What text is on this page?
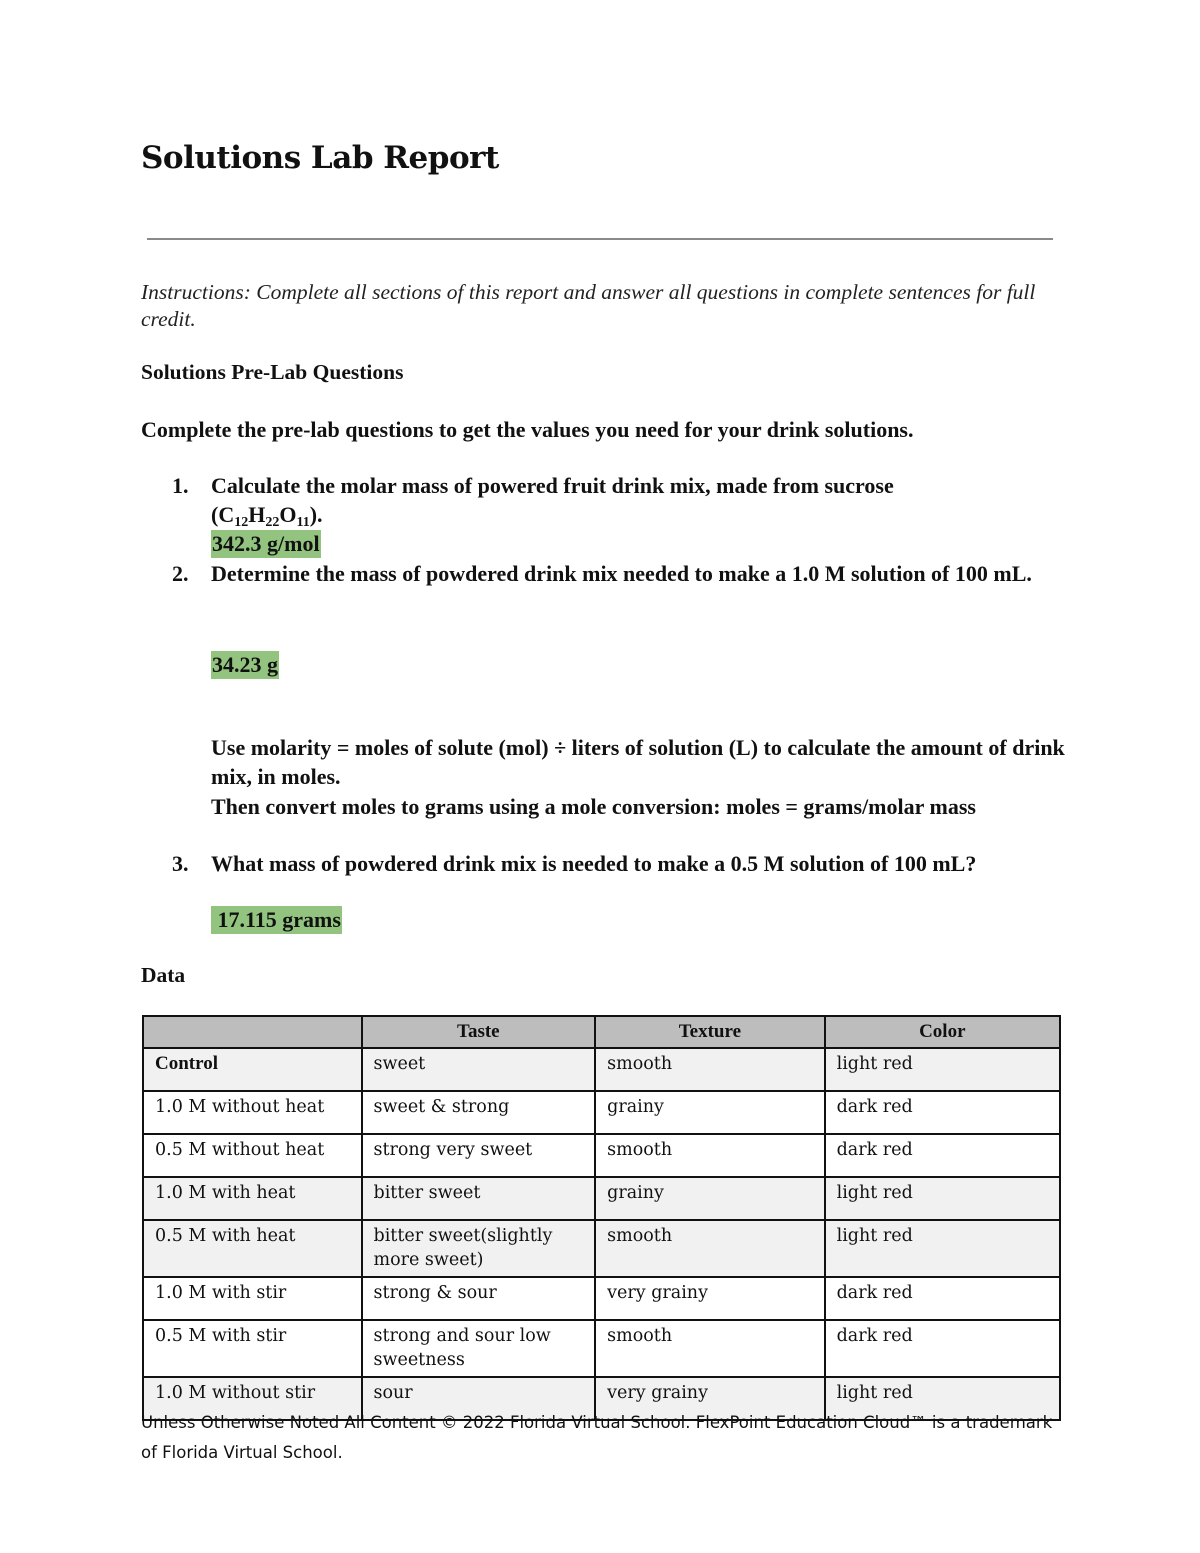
Solutions Lab Report
Instructions: Complete all sections of this report and answer all questions in complete sentences for full credit.
Solutions Pre-Lab Questions
Complete the pre-lab questions to get the values you need for your drink solutions.
1. Calculate the molar mass of powered fruit drink mix, made from sucrose
$(C_{12}H_{22}O_{11})$.
342.3 g/mol
2. Determine the mass of powdered drink mix needed to make a 1.0 M solution of 100 mL.
34.23 g
Use molarity = moles of solute (mol) ÷ liters of solution (L) to calculate the amount of drink mix, in moles.
Then convert moles to grams using a mole conversion: moles = grams/molar mass
3. What mass of powdered drink mix is needed to make a 0.5 M solution of 100 mL?
17.115 grams
Data
	Taste	Texture	Color
Control	sweet	smooth	light red
1.0 M without heat	sweet & strong	grainy	dark red
0.5 M without heat	strong very sweet	smooth	dark red
1.0 M with heat	bitter sweet	grainy	light red
0.5 M with heat	bitter sweet(slightly more sweet)	smooth	light red
1.0 M with stir	strong & sour	very grainy	dark red
0.5 M with stir	strong and sour low sweetness	smooth	dark red
1.0 M without stir	sour	very grainy	light red
Unless Otherwise Noted All Content © 2022 Florida Virtual School. FlexPoint Education Cloud™ is a trademark of Florida Virtual School.
